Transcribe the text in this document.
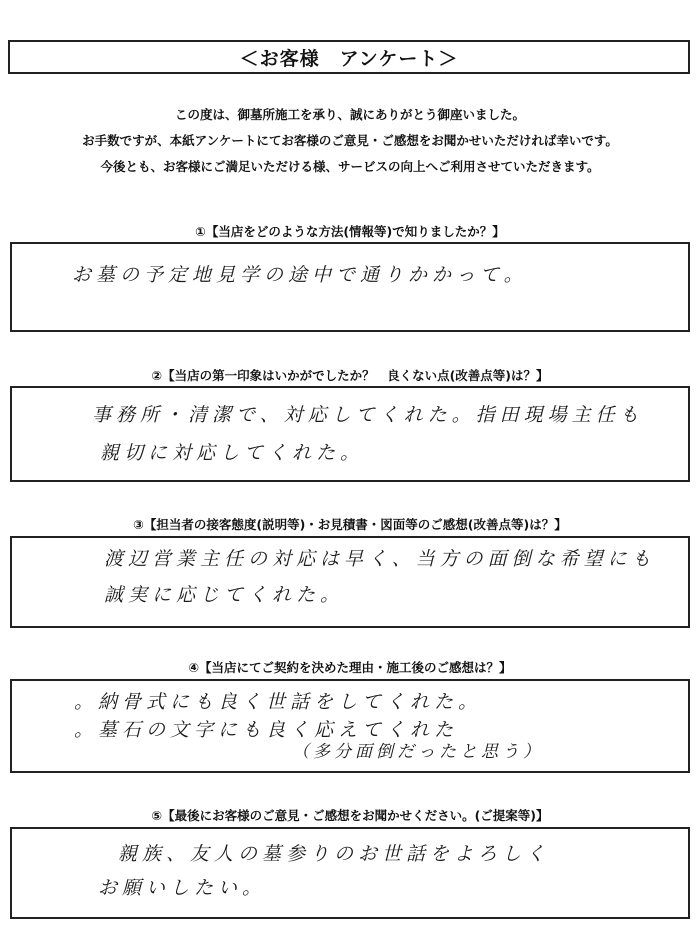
＜お客様　アンケート＞
この度は、御墓所施工を承り、誠にありがとう御座いました。
お手数ですが、本紙アンケートにてお客様のご意見・ご感想をお聞かせいただければ幸いです。
今後とも、お客様にご満足いただける様、サービスの向上へご利用させていただきます。
①【当店をどのような方法(情報等)で知りましたか？】
お墓の予定地見学の途中で通りかかって。
②【当店の第一印象はいかがでしたか？　良くない点(改善点等)は？】
事務所・清潔で、対応してくれた。指田現場主任も
親切に対応してくれた。
③【担当者の接客態度(説明等)・お見積書・図面等のご感想(改善点等)は？】
渡辺営業主任の対応は早く、当方の面倒な希望にも
誠実に応じてくれた。
④【当店にてご契約を決めた理由・施工後のご感想は？】
。納骨式にも良く世話をしてくれた。
。墓石の文字にも良く応えてくれた
（多分面倒だったと思う）
⑤【最後にお客様のご意見・ご感想をお聞かせください。(ご提案等)】
親族、友人の墓参りのお世話をよろしく
お願いしたい。
